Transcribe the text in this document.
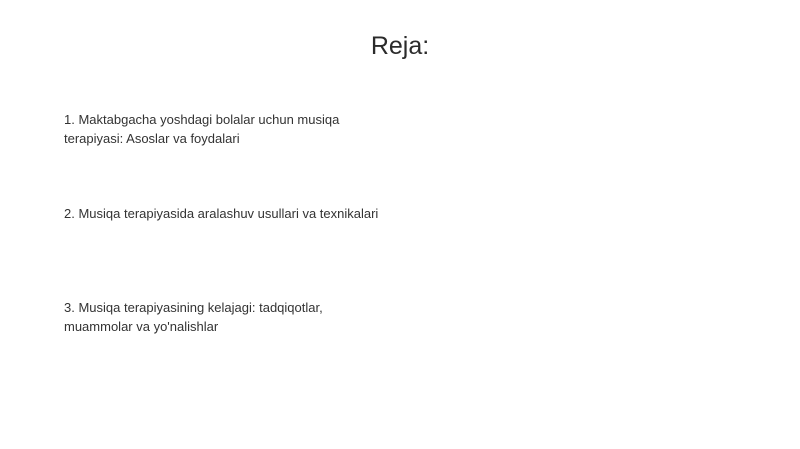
Reja:

1. Maktabgacha yoshdagi bolalar uchun musiqa terapiyasi: Asoslar va foydalari

2. Musiqa terapiyasida aralashuv usullari va texnikalari

3. Musiqa terapiyasining kelajagi: tadqiqotlar, muammolar va yo'nalishlar
